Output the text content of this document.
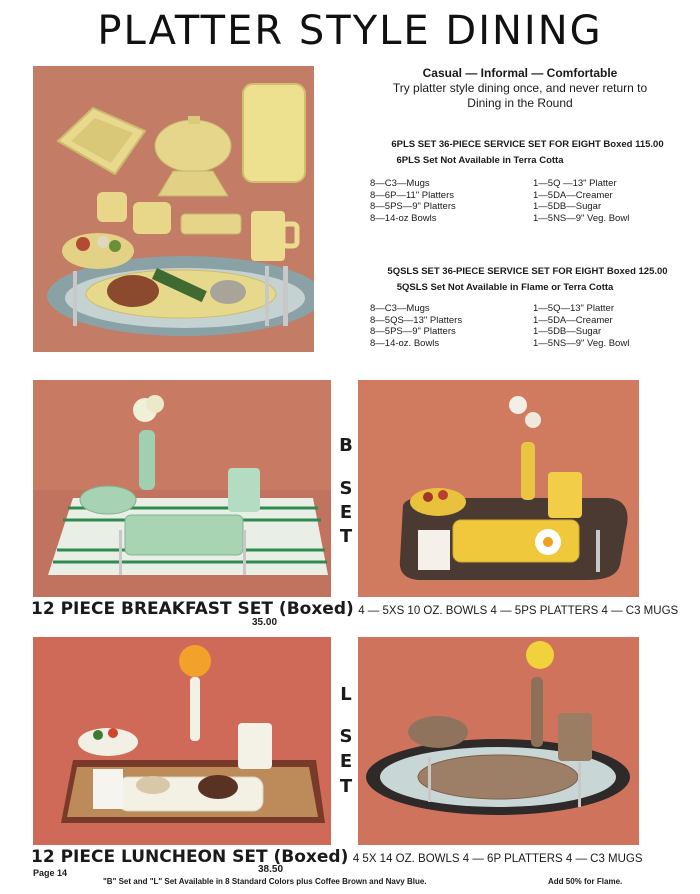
PLATTER STYLE DINING
Casual — Informal — Comfortable
Try platter style dining once, and never return to
Dining in the Round
6PLS SET 36-PIECE SERVICE SET FOR EIGHT Boxed 115.00
6PLS Set Not Available in Terra Cotta
8—C3—Mugs
8—6P—11" Platters
8—5PS—9" Platters
8—14-oz Bowls
1—5Q —13" Platter
1—5DA—Creamer
1—5DB—Sugar
1—5NS—9" Veg. Bowl
5QSLS SET 36-PIECE SERVICE SET FOR EIGHT Boxed 125.00
5QSLS Set Not Available in Flame or Terra Cotta
8—C3—Mugs
8—5QS—13" Platters
8—5PS—9" Platters
8—14-oz. Bowls
1—5Q—13" Platter
1—5DA—Creamer
1—5DB—Sugar
1—5NS—9" Veg. Bowl
B
S
E
T
12 PIECE BREAKFAST SET (Boxed) 4 — 5XS 10 OZ. BOWLS 4 — 5PS PLATTERS 4 — C3 MUGS
35.00
L
S
E
T
12 PIECE LUNCHEON SET (Boxed) 4 5X 14 OZ. BOWLS 4 — 6P PLATTERS 4 — C3 MUGS
Page 14	38.50
"B" Set and "L" Set Available in 8 Standard Colors plus Coffee Brown and Navy Blue.	Add 50% for Flame.
